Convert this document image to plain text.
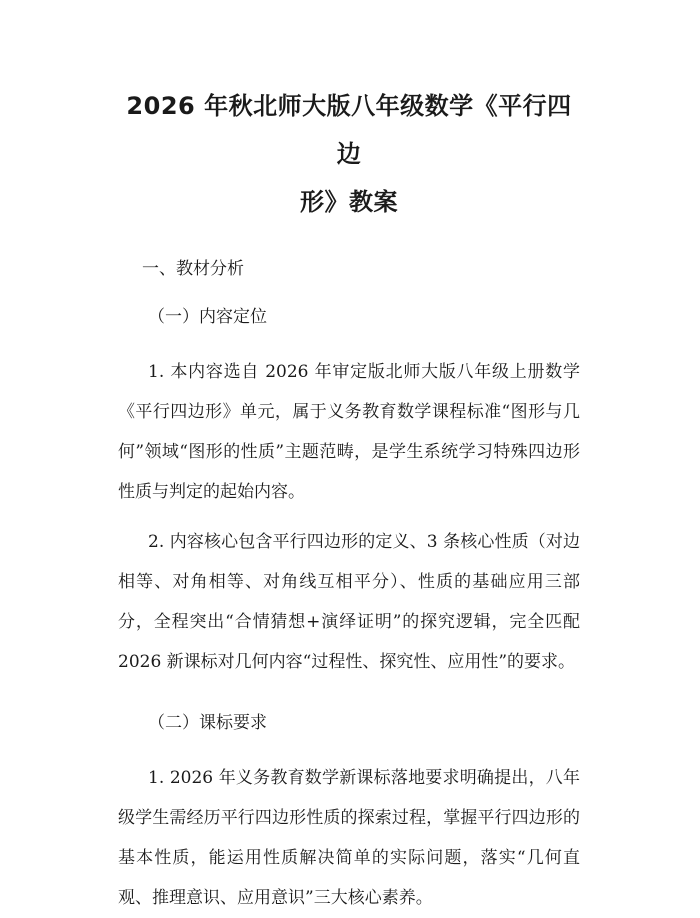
2026 年秋北师大版八年级数学《平行四边
形》教案

一、教材分析

（一）内容定位

1. 本内容选自 2026 年审定版北师大版八年级上册数学《平行四边形》单元，属于义务教育数学课程标准“图形与几何”领域“图形的性质”主题范畴，是学生系统学习特殊四边形性质与判定的起始内容。

2. 内容核心包含平行四边形的定义、3 条核心性质（对边相等、对角相等、对角线互相平分）、性质的基础应用三部分，全程突出“合情猜想+演绎证明”的探究逻辑，完全匹配 2026 新课标对几何内容“过程性、探究性、应用性”的要求。

（二）课标要求

1. 2026 年义务教育数学新课标落地要求明确提出，八年级学生需经历平行四边形性质的探索过程，掌握平行四边形的基本性质，能运用性质解决简单的实际问题，落实“几何直观、推理意识、应用意识”三大核心素养。
